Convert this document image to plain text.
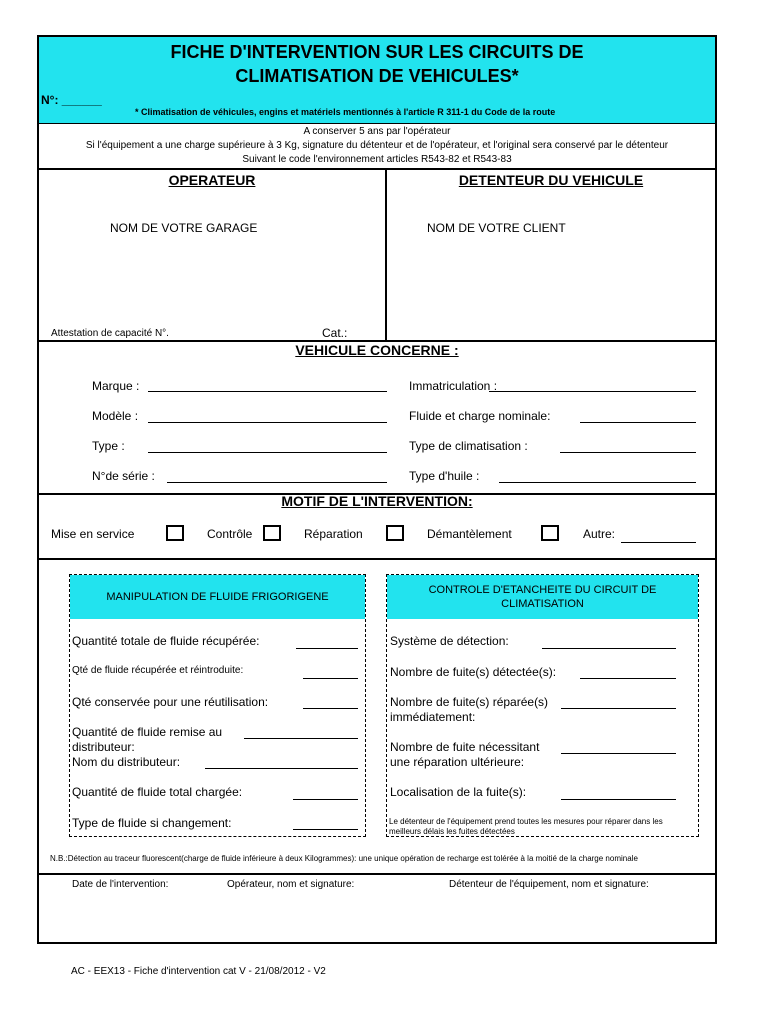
FICHE D'INTERVENTION SUR LES CIRCUITS DE
CLIMATISATION DE VEHICULES*
N°: ______
* Climatisation de véhicules, engins et matériels mentionnés à l'article R 311-1 du Code de la route
A conserver 5 ans par l'opérateur
Si l'équipement a une charge supérieure à 3 Kg, signature du détenteur et de l'opérateur, et l'original sera conservé par le détenteur
Suivant le code l'environnement articles R543-82 et R543-83
OPERATEUR	DETENTEUR DU VEHICULE
NOM DE VOTRE GARAGE	NOM DE VOTRE CLIENT
Attestation de capacité N°.	Cat.:
VEHICULE CONCERNE :
Marque :	Immatriculation :
Modèle :	Fluide et charge nominale:
Type :	Type de climatisation :
N°de série :	Type d'huile :
MOTIF DE L'INTERVENTION:
Mise en service	Contrôle	Réparation	Démantèlement	Autre:
MANIPULATION DE FLUIDE FRIGORIGENE
Quantité totale de fluide récupérée:
Qté de fluide récupérée et réintroduite:
Qté conservée pour une réutilisation:
Quantité de fluide remise au
distributeur:
Nom du distributeur:
Quantité de fluide total chargée:
Type de fluide si changement:
CONTROLE D'ETANCHEITE DU CIRCUIT DE
CLIMATISATION
Système de détection:
Nombre de fuite(s) détectée(s):
Nombre de fuite(s) réparée(s)
immédiatement:
Nombre de fuite nécessitant
une réparation ultérieure:
Localisation de la fuite(s):
Le détenteur de l'équipement prend toutes les mesures pour réparer dans les
meilleurs délais les fuites détectées
N.B.:Détection au traceur fluorescent(charge de fluide inférieure à deux Kilogrammes): une unique opération de recharge est tolérée à la moitié de la charge nominale
Date de l'intervention:	Opérateur, nom et signature:	Détenteur de l'équipement, nom et signature:
AC - EEX13 - Fiche d'intervention cat V - 21/08/2012 - V2
